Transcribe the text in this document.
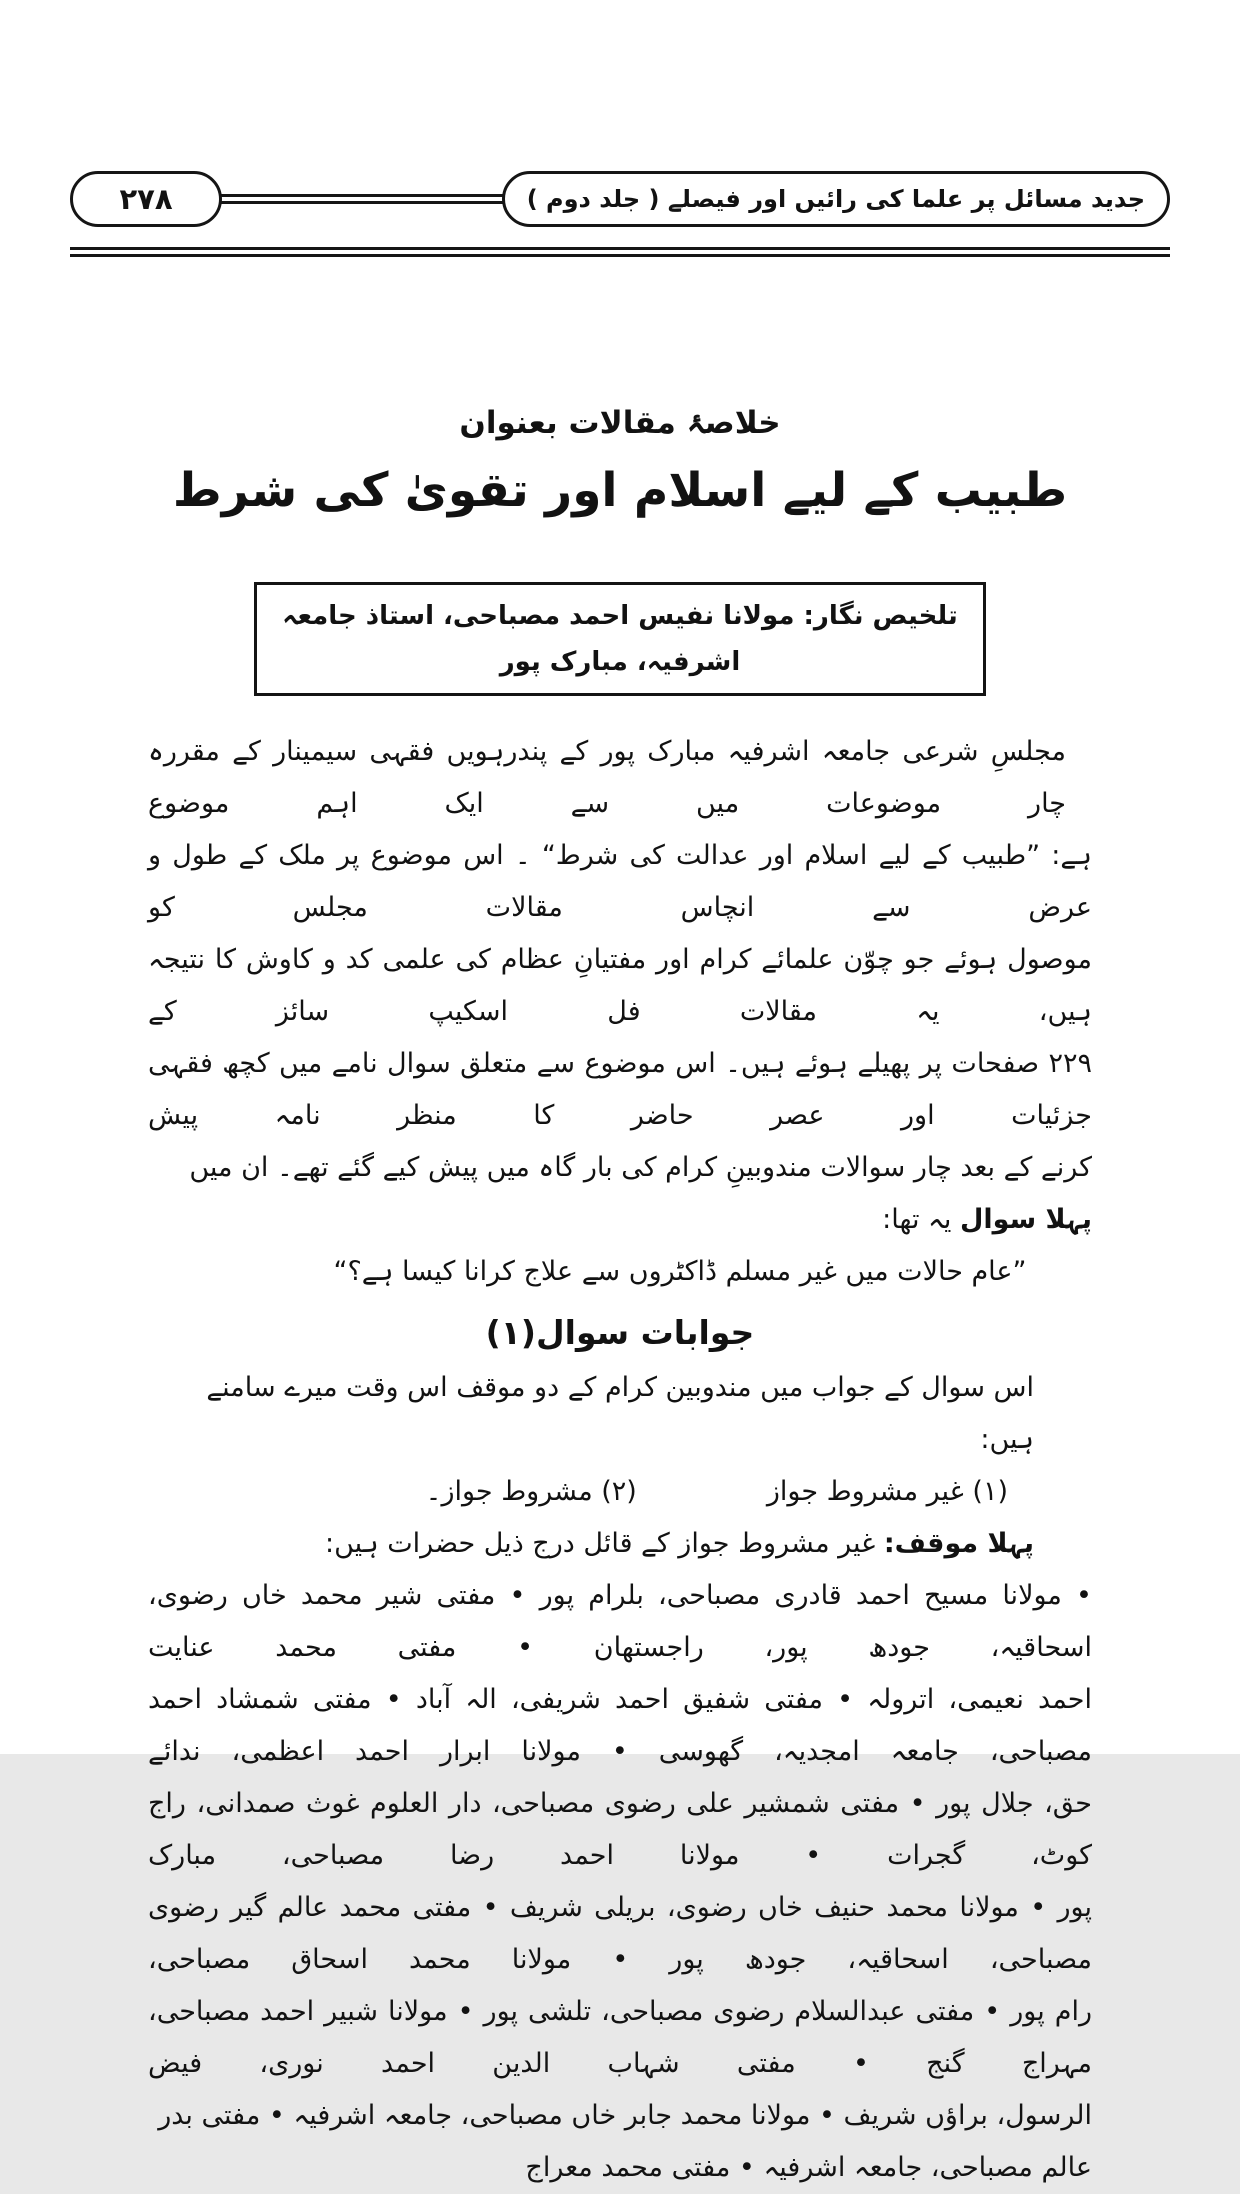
۲۷۸	جدید مسائل پر علما کی رائیں اور فیصلے ( جلد دوم )
خلاصۂ مقالات بعنوان
طبیب کے لیے اسلام اور تقویٰ کی شرط
تلخیص نگار: مولانا نفیس احمد مصباحی، استاذ جامعہ اشرفیہ، مبارک پور
مجلسِ شرعی جامعہ اشرفیہ مبارک پور کے پندرہویں فقہی سیمینار کے مقررہ چار موضوعات میں سے ایک اہم موضوع
ہے: ”طبیب کے لیے اسلام اور عدالت کی شرط“ ۔ اس موضوع پر ملک کے طول و عرض سے انچاس مقالات مجلس کو
موصول ہوئے جو چوّن علمائے کرام اور مفتیانِ عظام کی علمی کد و کاوش کا نتیجہ ہیں، یہ مقالات فل اسکیپ سائز کے
۲۲۹ صفحات پر پھیلے ہوئے ہیں۔ اس موضوع سے متعلق سوال نامے میں کچھ فقہی جزئیات اور عصر حاضر کا منظر نامہ پیش
کرنے کے بعد چار سوالات مندوبینِ کرام کی بار گاہ میں پیش کیے گئے تھے۔ ان میں پہلا سوال یہ تھا:
”عام حالات میں غیر مسلم ڈاکٹروں سے علاج کرانا کیسا ہے؟“
جوابات سوال(۱)
اس سوال کے جواب میں مندوبین کرام کے دو موقف اس وقت میرے سامنے ہیں:
(۱) غیر مشروط جواز
(۲) مشروط جواز۔
پہلا موقف: غیر مشروط جواز کے قائل درج ذیل حضرات ہیں:
• مولانا مسیح احمد قادری مصباحی، بلرام پور • مفتی شیر محمد خاں رضوی، اسحاقیہ، جودھ پور، راجستھان • مفتی محمد عنایت
احمد نعیمی، اترولہ • مفتی شفیق احمد شریفی، الہ آباد • مفتی شمشاد احمد مصباحی، جامعہ امجدیہ، گھوسی • مولانا ابرار احمد اعظمی، ندائے
حق، جلال پور • مفتی شمشیر علی رضوی مصباحی، دار العلوم غوث صمدانی، راج کوٹ، گجرات • مولانا احمد رضا مصباحی، مبارک
پور • مولانا محمد حنیف خاں رضوی، بریلی شریف • مفتی محمد عالم گیر رضوی مصباحی، اسحاقیہ، جودھ پور • مولانا محمد اسحاق مصباحی،
رام پور • مفتی عبدالسلام رضوی مصباحی، تلشی پور • مولانا شبیر احمد مصباحی، مہراج گنج • مفتی شہاب الدین احمد نوری، فیض
الرسول، براؤں شریف • مولانا محمد جابر خاں مصباحی، جامعہ اشرفیہ • مفتی بدر عالم مصباحی، جامعہ اشرفیہ • مفتی محمد معراج
